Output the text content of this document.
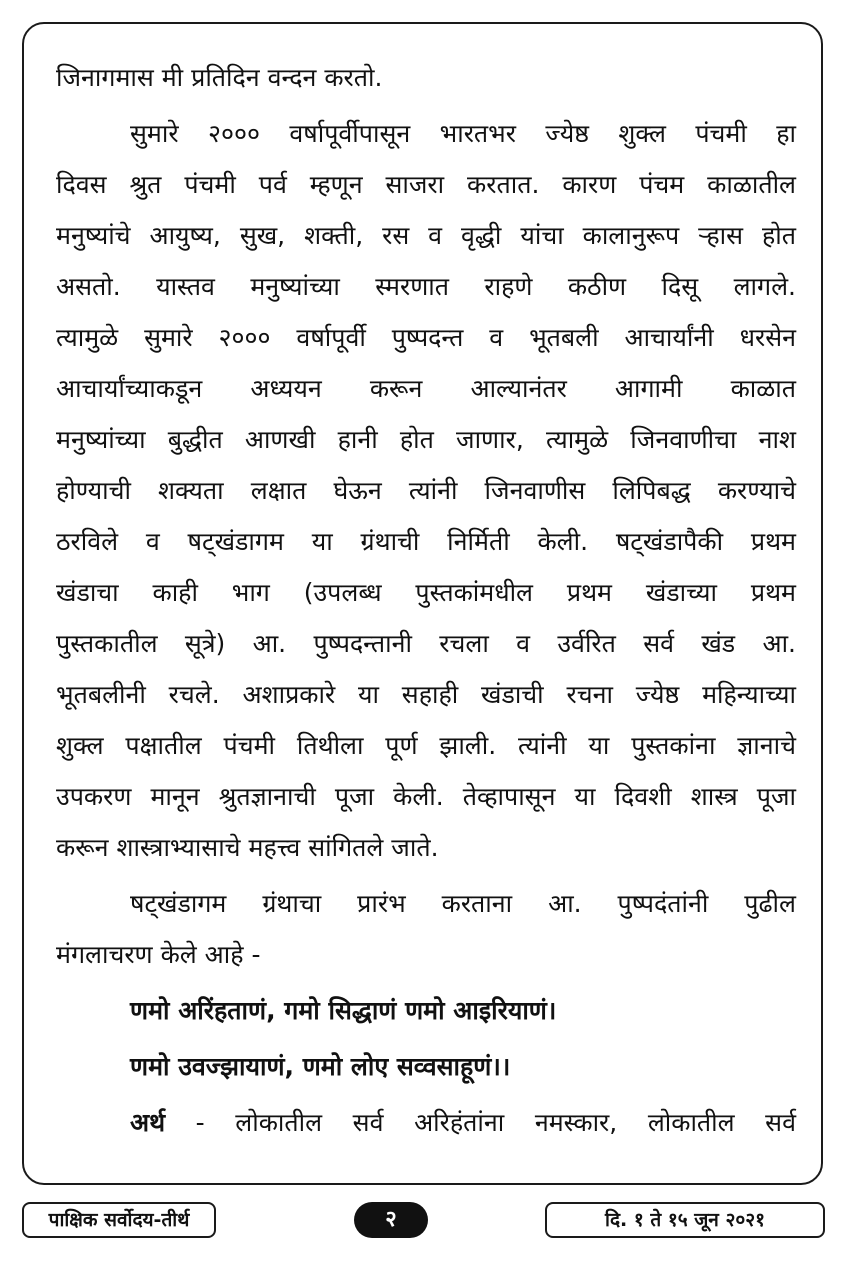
जिनागमास मी प्रतिदिन वन्दन करतो.
सुमारे २००० वर्षापूर्वीपासून भारतभर ज्येष्ठ शुक्ल पंचमी हा
दिवस श्रुत पंचमी पर्व म्हणून साजरा करतात. कारण पंचम काळातील
मनुष्यांचे आयुष्य, सुख, शक्ती, रस व वृद्धी यांचा कालानुरूप ऱ्हास होत
असतो. यास्तव मनुष्यांच्या स्मरणात राहणे कठीण दिसू लागले.
त्यामुळे सुमारे २००० वर्षापूर्वी पुष्पदन्त व भूतबली आचार्यांनी धरसेन
आचार्यांच्याकडून अध्ययन करून आल्यानंतर आगामी काळात
मनुष्यांच्या बुद्धीत आणखी हानी होत जाणार, त्यामुळे जिनवाणीचा नाश
होण्याची शक्यता लक्षात घेऊन त्यांनी जिनवाणीस लिपिबद्ध करण्याचे
ठरविले व षट्खंडागम या ग्रंथाची निर्मिती केली. षट्खंडापैकी प्रथम
खंडाचा काही भाग (उपलब्ध पुस्तकांमधील प्रथम खंडाच्या प्रथम
पुस्तकातील सूत्रे) आ. पुष्पदन्तानी रचला व उर्वरित सर्व खंड आ.
भूतबलीनी रचले. अशाप्रकारे या सहाही खंडाची रचना ज्येष्ठ महिन्याच्या
शुक्ल पक्षातील पंचमी तिथीला पूर्ण झाली. त्यांनी या पुस्तकांना ज्ञानाचे
उपकरण मानून श्रुतज्ञानाची पूजा केली. तेव्हापासून या दिवशी शास्त्र पूजा
करून शास्त्राभ्यासाचे महत्त्व सांगितले जाते.
षट्खंडागम ग्रंथाचा प्रारंभ करताना आ. पुष्पदंतांनी पुढील
मंगलाचरण केले आहे -
णमो अरिंहताणं, गमो सिद्धाणं णमो आइरियाणं।
णमो उवज्झायाणं, णमो लोए सव्वसाहूणं।।
अर्थ - लोकातील सर्व अरिहंतांना नमस्कार, लोकातील सर्व
पाक्षिक सर्वोदय-तीर्थ	२	दि. १ ते १५ जून २०२१
